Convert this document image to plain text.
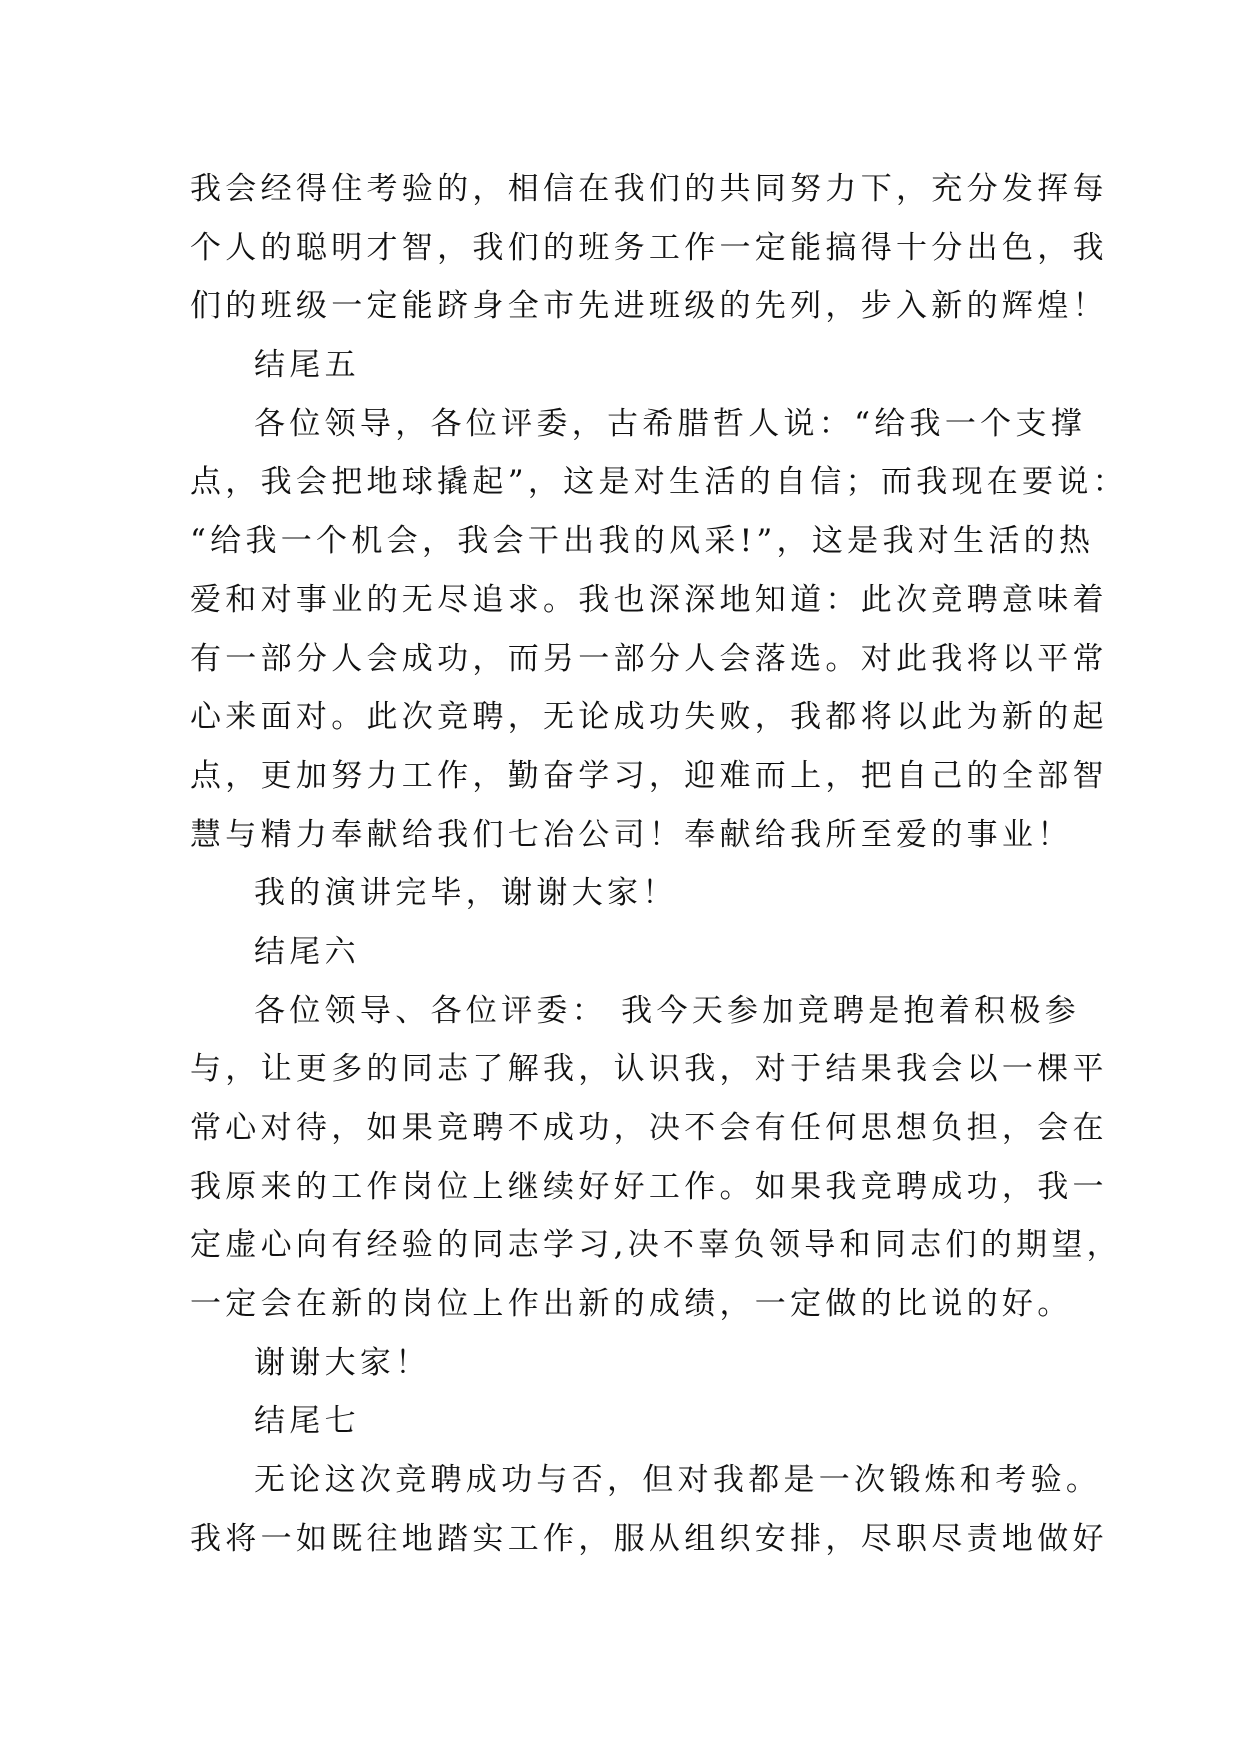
我会经得住考验的，相信在我们的共同努力下，充分发挥每
个人的聪明才智，我们的班务工作一定能搞得十分出色，我
们的班级一定能跻身全市先进班级的先列，步入新的辉煌！
结尾五
各位领导，各位评委，古希腊哲人说：“给我一个支撑
点，我会把地球撬起”，这是对生活的自信；而我现在要说：
“给我一个机会，我会干出我的风采!”，这是我对生活的热
爱和对事业的无尽追求。我也深深地知道：此次竞聘意味着
有一部分人会成功，而另一部分人会落选。对此我将以平常
心来面对。此次竞聘，无论成功失败，我都将以此为新的起
点，更加努力工作，勤奋学习，迎难而上，把自己的全部智
慧与精力奉献给我们七冶公司！奉献给我所至爱的事业！
我的演讲完毕，谢谢大家！
结尾六
各位领导、各位评委： 我今天参加竞聘是抱着积极参
与，让更多的同志了解我，认识我，对于结果我会以一棵平
常心对待，如果竞聘不成功，决不会有任何思想负担，会在
我原来的工作岗位上继续好好工作。如果我竞聘成功，我一
定虚心向有经验的同志学习,决不辜负领导和同志们的期望，
一定会在新的岗位上作出新的成绩，一定做的比说的好。
谢谢大家！
结尾七
无论这次竞聘成功与否，但对我都是一次锻炼和考验。
我将一如既往地踏实工作，服从组织安排，尽职尽责地做好
